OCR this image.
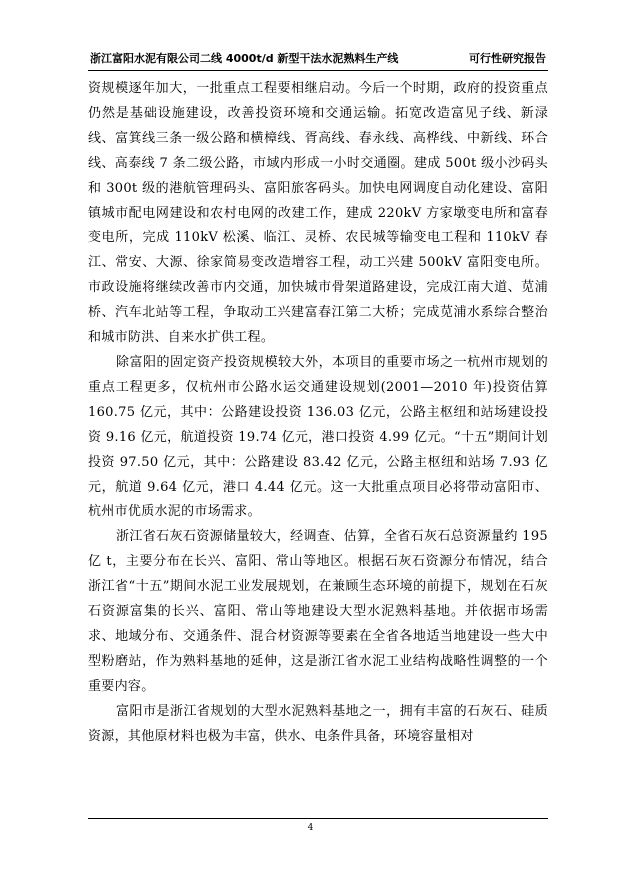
浙江富阳水泥有限公司二线 4000t/d 新型干法水泥熟料生产线	可行性研究报告

资规模逐年加大，一批重点工程要相继启动。今后一个时期，政府的投资重点仍然是基础设施建设，改善投资环境和交通运输。拓宽改造富见子线、新渌线、富箕线三条一级公路和横樟线、胥高线、春永线、高桦线、中新线、环合线、高泰线 7 条二级公路，市域内形成一小时交通圈。建成 500t 级小沙码头和 300t 级的港航管理码头、富阳旅客码头。加快电网调度自动化建设、富阳镇城市配电网建设和农村电网的改建工作，建成 220kV 方家墩变电所和富春变电所，完成 110kV 松溪、临江、灵桥、农民城等输变电工程和 110kV 春江、常安、大源、徐家简易变改造增容工程，动工兴建 500kV 富阳变电所。市政设施将继续改善市内交通，加快城市骨架道路建设，完成江南大道、苋浦桥、汽车北站等工程，争取动工兴建富春江第二大桥；完成苋浦水系综合整治和城市防洪、自来水扩供工程。

除富阳的固定资产投资规模较大外，本项目的重要市场之一杭州市规划的重点工程更多，仅杭州市公路水运交通建设规划(2001—2010 年)投资估算 160.75 亿元，其中：公路建设投资 136.03 亿元，公路主枢纽和站场建设投资 9.16 亿元，航道投资 19.74 亿元，港口投资 4.99 亿元。“十五”期间计划投资 97.50 亿元，其中：公路建设 83.42 亿元，公路主枢纽和站场 7.93 亿元，航道 9.64 亿元，港口 4.44 亿元。这一大批重点项目必将带动富阳市、杭州市优质水泥的市场需求。

浙江省石灰石资源储量较大，经调查、估算，全省石灰石总资源量约 195 亿 t，主要分布在长兴、富阳、常山等地区。根据石灰石资源分布情况，结合浙江省“十五”期间水泥工业发展规划，在兼顾生态环境的前提下，规划在石灰石资源富集的长兴、富阳、常山等地建设大型水泥熟料基地。并依据市场需求、地域分布、交通条件、混合材资源等要素在全省各地适当地建设一些大中型粉磨站，作为熟料基地的延伸，这是浙江省水泥工业结构战略性调整的一个重要内容。

富阳市是浙江省规划的大型水泥熟料基地之一，拥有丰富的石灰石、硅质资源，其他原材料也极为丰富，供水、电条件具备，环境容量相对

4
